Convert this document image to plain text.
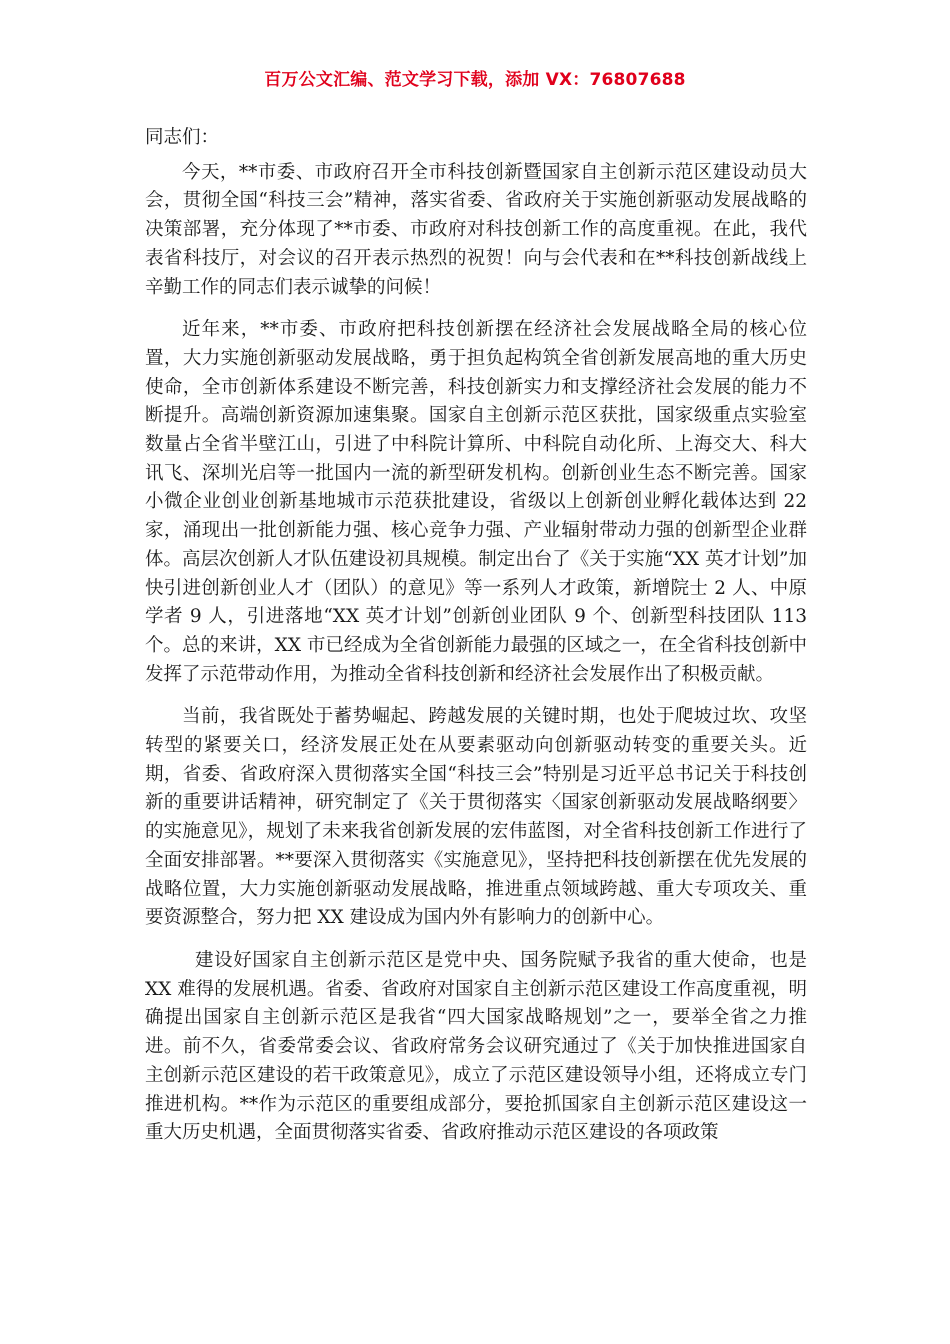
百万公文汇编、范文学习下载，添加 VX：76807688

同志们：

今天，**市委、市政府召开全市科技创新暨国家自主创新示范区建设动员大会，贯彻全国“科技三会”精神，落实省委、省政府关于实施创新驱动发展战略的决策部署，充分体现了**市委、市政府对科技创新工作的高度重视。在此，我代表省科技厅，对会议的召开表示热烈的祝贺！向与会代表和在**科技创新战线上辛勤工作的同志们表示诚挚的问候！

近年来，**市委、市政府把科技创新摆在经济社会发展战略全局的核心位置，大力实施创新驱动发展战略，勇于担负起构筑全省创新发展高地的重大历史使命，全市创新体系建设不断完善，科技创新实力和支撑经济社会发展的能力不断提升。高端创新资源加速集聚。国家自主创新示范区获批，国家级重点实验室数量占全省半壁江山，引进了中科院计算所、中科院自动化所、上海交大、科大讯飞、深圳光启等一批国内一流的新型研发机构。创新创业生态不断完善。国家小微企业创业创新基地城市示范获批建设，省级以上创新创业孵化载体达到 22 家，涌现出一批创新能力强、核心竞争力强、产业辐射带动力强的创新型企业群体。高层次创新人才队伍建设初具规模。制定出台了《关于实施“XX 英才计划”加快引进创新创业人才（团队）的意见》等一系列人才政策，新增院士 2 人、中原学者 9 人，引进落地“XX 英才计划”创新创业团队 9 个、创新型科技团队 113 个。总的来讲，XX 市已经成为全省创新能力最强的区域之一，在全省科技创新中发挥了示范带动作用，为推动全省科技创新和经济社会发展作出了积极贡献。

当前，我省既处于蓄势崛起、跨越发展的关键时期，也处于爬坡过坎、攻坚转型的紧要关口，经济发展正处在从要素驱动向创新驱动转变的重要关头。近期，省委、省政府深入贯彻落实全国“科技三会”特别是习近平总书记关于科技创新的重要讲话精神，研究制定了《关于贯彻落实〈国家创新驱动发展战略纲要〉的实施意见》，规划了未来我省创新发展的宏伟蓝图，对全省科技创新工作进行了全面安排部署。**要深入贯彻落实《实施意见》，坚持把科技创新摆在优先发展的战略位置，大力实施创新驱动发展战略，推进重点领域跨越、重大专项攻关、重要资源整合，努力把 XX 建设成为国内外有影响力的创新中心。

建设好国家自主创新示范区是党中央、国务院赋予我省的重大使命，也是 XX 难得的发展机遇。省委、省政府对国家自主创新示范区建设工作高度重视，明确提出国家自主创新示范区是我省“四大国家战略规划”之一，要举全省之力推进。前不久，省委常委会议、省政府常务会议研究通过了《关于加快推进国家自主创新示范区建设的若干政策意见》，成立了示范区建设领导小组，还将成立专门推进机构。**作为示范区的重要组成部分，要抢抓国家自主创新示范区建设这一重大历史机遇，全面贯彻落实省委、省政府推动示范区建设的各项政策
